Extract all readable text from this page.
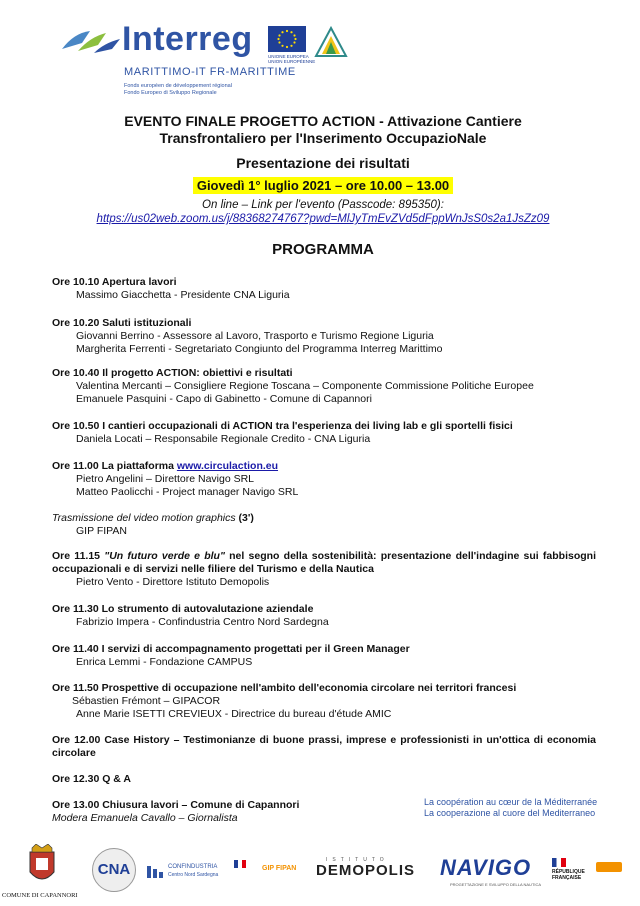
Interreg	UNIONE EUROPEA
UNION EUROPÉENNE
MARITTIMO-IT FR-MARITTIME
Fonds européen de développement régional
Fondo Europeo di Sviluppo Regionale
EVENTO FINALE PROGETTO ACTION - Attivazione Cantiere
Transfrontaliero per l'Inserimento OccupazioNale
Presentazione dei risultati
Giovedì 1° luglio 2021 – ore 10.00 – 13.00
On line – Link per l'evento (Passcode: 895350):
https://us02web.zoom.us/j/88368274767?pwd=MlJyTmEvZVd5dFppWnJsS0s2a1JsZz09
PROGRAMMA
Ore 10.10 Apertura lavori
Massimo Giacchetta - Presidente CNA Liguria
Ore 10.20 Saluti istituzionali
Giovanni Berrino - Assessore al Lavoro, Trasporto e Turismo Regione Liguria
Margherita Ferrenti - Segretariato Congiunto del Programma Interreg Marittimo
Ore 10.40 Il progetto ACTION: obiettivi e risultati
Valentina Mercanti – Consigliere Regione Toscana – Componente Commissione Politiche Europee
Emanuele Pasquini - Capo di Gabinetto - Comune di Capannori
Ore 10.50 I cantieri occupazionali di ACTION tra l'esperienza dei living lab e gli sportelli fisici
Daniela Locati – Responsabile Regionale Credito - CNA Liguria
Ore 11.00 La piattaforma www.circulaction.eu
Pietro Angelini – Direttore Navigo SRL
Matteo Paolicchi - Project manager Navigo SRL
Trasmissione del video motion graphics (3')
GIP FIPAN
Ore 11.15 "Un futuro verde e blu" nel segno della sostenibilità: presentazione dell'indagine sui fabbisogni occupazionali e di servizi nelle filiere del Turismo e della Nautica
Pietro Vento - Direttore Istituto Demopolis
Ore 11.30 Lo strumento di autovalutazione aziendale
Fabrizio Impera - Confindustria Centro Nord Sardegna
Ore 11.40 I servizi di accompagnamento progettati per il Green Manager
Enrica Lemmi - Fondazione CAMPUS
Ore 11.50 Prospettive di occupazione nell'ambito dell'economia circolare nei territori francesi
Sébastien Frémont – GIPACOR
Anne Marie ISETTI CREVIEUX - Directrice du bureau d'étude AMIC
Ore 12.00 Case History – Testimonianze di buone prassi, imprese e professionisti in un'ottica di economia circolare
Ore 12.30 Q & A
Ore 13.00 Chiusura lavori – Comune di Capannori
Modera Emanuela Cavallo – Giornalista
La coopération au cœur de la Méditerranée
La cooperazione al cuore del Mediterraneo
COMUNE DI CAPANNORI
CNA	CONFINDUSTRIA
Centro Nord Sardegna
GIP FIPAN
ISTITUTO
DEMOPOLIS NAVIGO
PROGETTAZIONE E SVILUPPO DELLA NAUTICA
RÉPUBLIQUE
FRANÇAISE
